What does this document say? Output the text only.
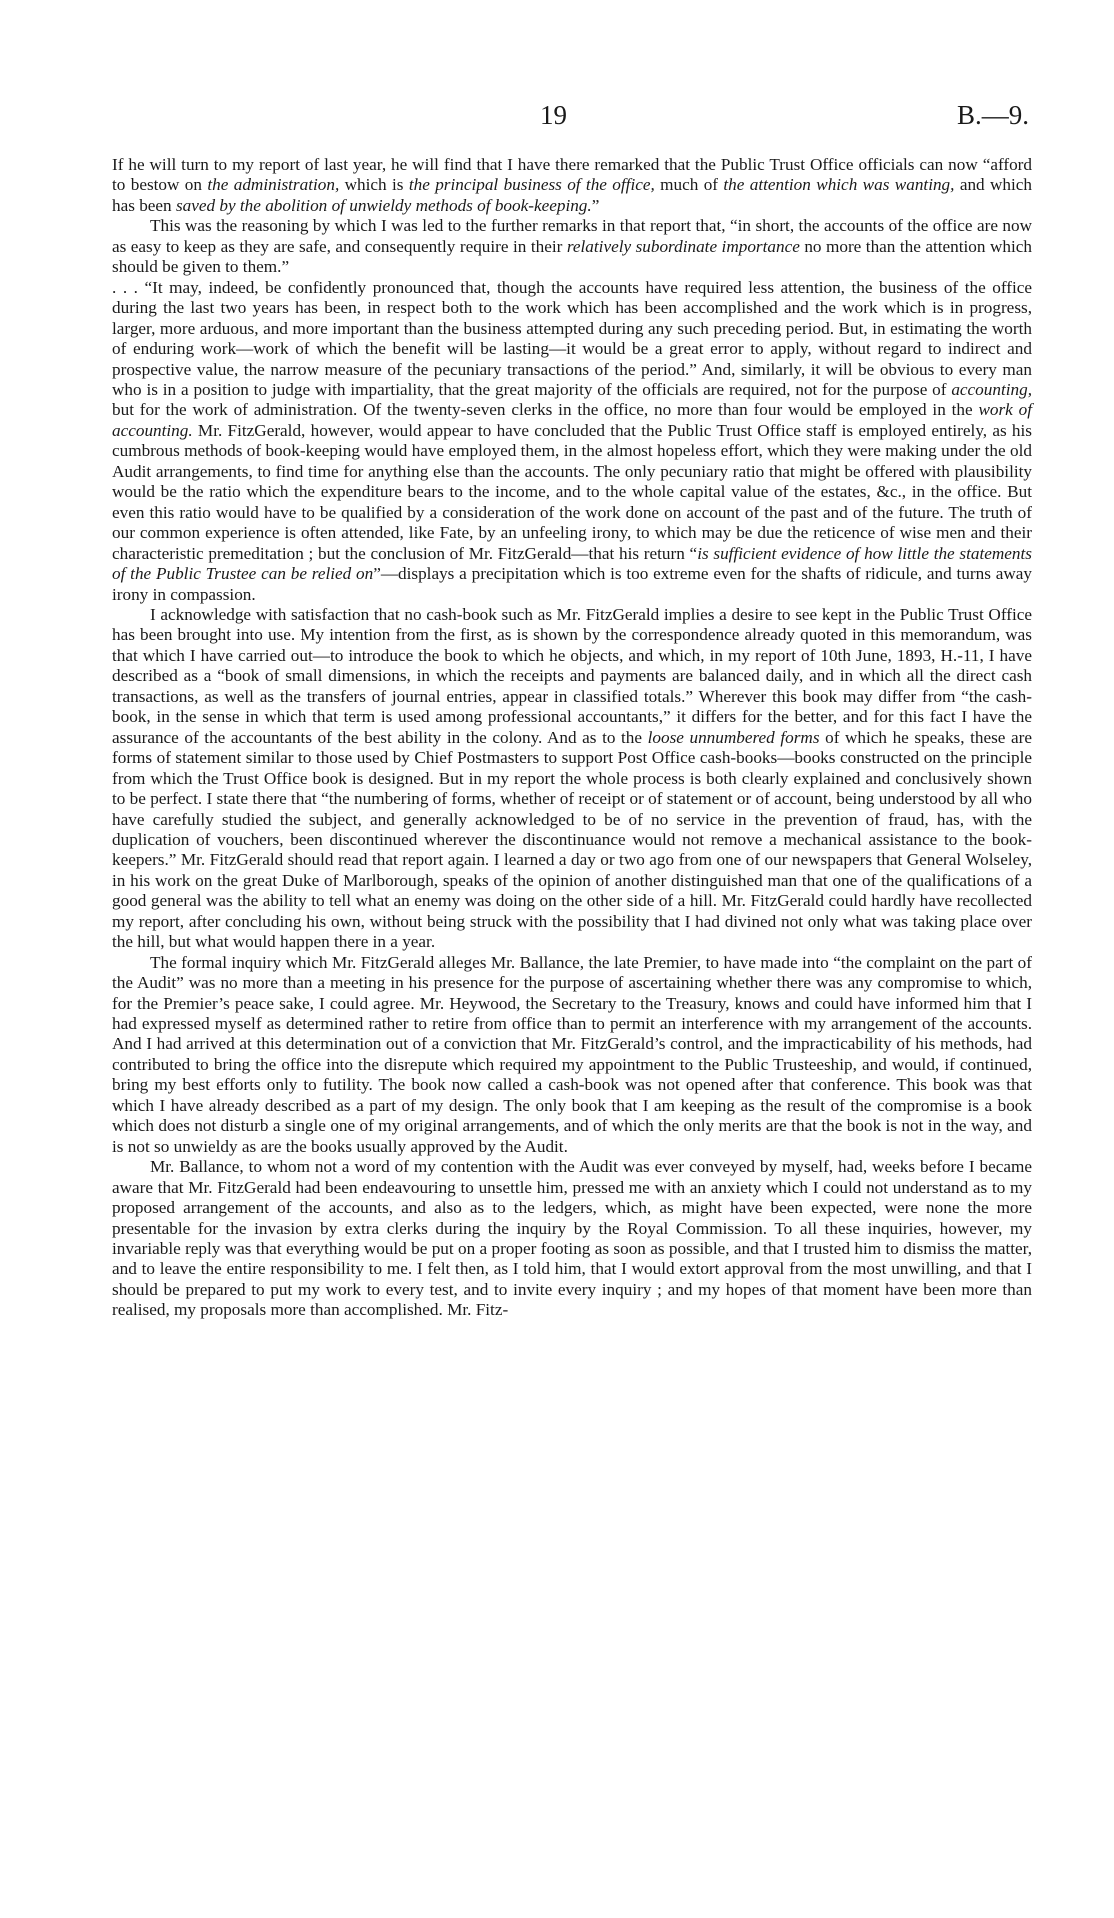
19	B.—9.

If he will turn to my report of last year, he will find that I have there remarked that the Public Trust Office officials can now “afford to bestow on the administration, which is the principal business of the office, much of the attention which was wanting, and which has been saved by the abolition of unwieldy methods of book-keeping.”

This was the reasoning by which I was led to the further remarks in that report that, “in short, the accounts of the office are now as easy to keep as they are safe, and consequently require in their relatively subordinate importance no more than the attention which should be given to them.”

. . . “It may, indeed, be confidently pronounced that, though the accounts have required less attention, the business of the office during the last two years has been, in respect both to the work which has been accomplished and the work which is in progress, larger, more arduous, and more important than the business attempted during any such preceding period. But, in estimating the worth of enduring work—work of which the benefit will be lasting—it would be a great error to apply, without regard to indirect and prospective value, the narrow measure of the pecuniary transactions of the period.” And, similarly, it will be obvious to every man who is in a position to judge with impartiality, that the great majority of the officials are required, not for the purpose of accounting, but for the work of administration. Of the twenty-seven clerks in the office, no more than four would be employed in the work of accounting. Mr. FitzGerald, however, would appear to have concluded that the Public Trust Office staff is employed entirely, as his cumbrous methods of book-keeping would have employed them, in the almost hopeless effort, which they were making under the old Audit arrangements, to find time for anything else than the accounts. The only pecuniary ratio that might be offered with plausibility would be the ratio which the expenditure bears to the income, and to the whole capital value of the estates, &c., in the office. But even this ratio would have to be qualified by a consideration of the work done on account of the past and of the future. The truth of our common experience is often attended, like Fate, by an unfeeling irony, to which may be due the reticence of wise men and their characteristic premeditation ; but the conclusion of Mr. FitzGerald—that his return “is sufficient evidence of how little the statements of the Public Trustee can be relied on”—displays a precipitation which is too extreme even for the shafts of ridicule, and turns away irony in compassion.

I acknowledge with satisfaction that no cash-book such as Mr. FitzGerald implies a desire to see kept in the Public Trust Office has been brought into use. My intention from the first, as is shown by the correspondence already quoted in this memorandum, was that which I have carried out—to introduce the book to which he objects, and which, in my report of 10th June, 1893, H.-11, I have described as a “book of small dimensions, in which the receipts and payments are balanced daily, and in which all the direct cash transactions, as well as the transfers of journal entries, appear in classified totals.” Wherever this book may differ from “the cash-book, in the sense in which that term is used among professional accountants,” it differs for the better, and for this fact I have the assurance of the accountants of the best ability in the colony. And as to the loose unnumbered forms of which he speaks, these are forms of statement similar to those used by Chief Postmasters to support Post Office cash-books—books constructed on the principle from which the Trust Office book is designed. But in my report the whole process is both clearly explained and conclusively shown to be perfect. I state there that “the numbering of forms, whether of receipt or of statement or of account, being understood by all who have carefully studied the subject, and generally acknowledged to be of no service in the prevention of fraud, has, with the duplication of vouchers, been discontinued wherever the discontinuance would not remove a mechanical assistance to the book-keepers.” Mr. FitzGerald should read that report again. I learned a day or two ago from one of our newspapers that General Wolseley, in his work on the great Duke of Marlborough, speaks of the opinion of another distinguished man that one of the qualifications of a good general was the ability to tell what an enemy was doing on the other side of a hill. Mr. FitzGerald could hardly have recollected my report, after concluding his own, without being struck with the possibility that I had divined not only what was taking place over the hill, but what would happen there in a year.

The formal inquiry which Mr. FitzGerald alleges Mr. Ballance, the late Premier, to have made into “the complaint on the part of the Audit” was no more than a meeting in his presence for the purpose of ascertaining whether there was any compromise to which, for the Premier’s peace sake, I could agree. Mr. Heywood, the Secretary to the Treasury, knows and could have informed him that I had expressed myself as determined rather to retire from office than to permit an interference with my arrangement of the accounts. And I had arrived at this determination out of a conviction that Mr. FitzGerald’s control, and the impracticability of his methods, had contributed to bring the office into the disrepute which required my appointment to the Public Trusteeship, and would, if continued, bring my best efforts only to futility. The book now called a cash-book was not opened after that conference. This book was that which I have already described as a part of my design. The only book that I am keeping as the result of the compromise is a book which does not disturb a single one of my original arrangements, and of which the only merits are that the book is not in the way, and is not so unwieldy as are the books usually approved by the Audit.

Mr. Ballance, to whom not a word of my contention with the Audit was ever conveyed by myself, had, weeks before I became aware that Mr. FitzGerald had been endeavouring to unsettle him, pressed me with an anxiety which I could not understand as to my proposed arrangement of the accounts, and also as to the ledgers, which, as might have been expected, were none the more presentable for the invasion by extra clerks during the inquiry by the Royal Commission. To all these inquiries, however, my invariable reply was that everything would be put on a proper footing as soon as possible, and that I trusted him to dismiss the matter, and to leave the entire responsibility to me. I felt then, as I told him, that I would extort approval from the most unwilling, and that I should be prepared to put my work to every test, and to invite every inquiry ; and my hopes of that moment have been more than realised, my proposals more than accomplished. Mr. Fitz-
